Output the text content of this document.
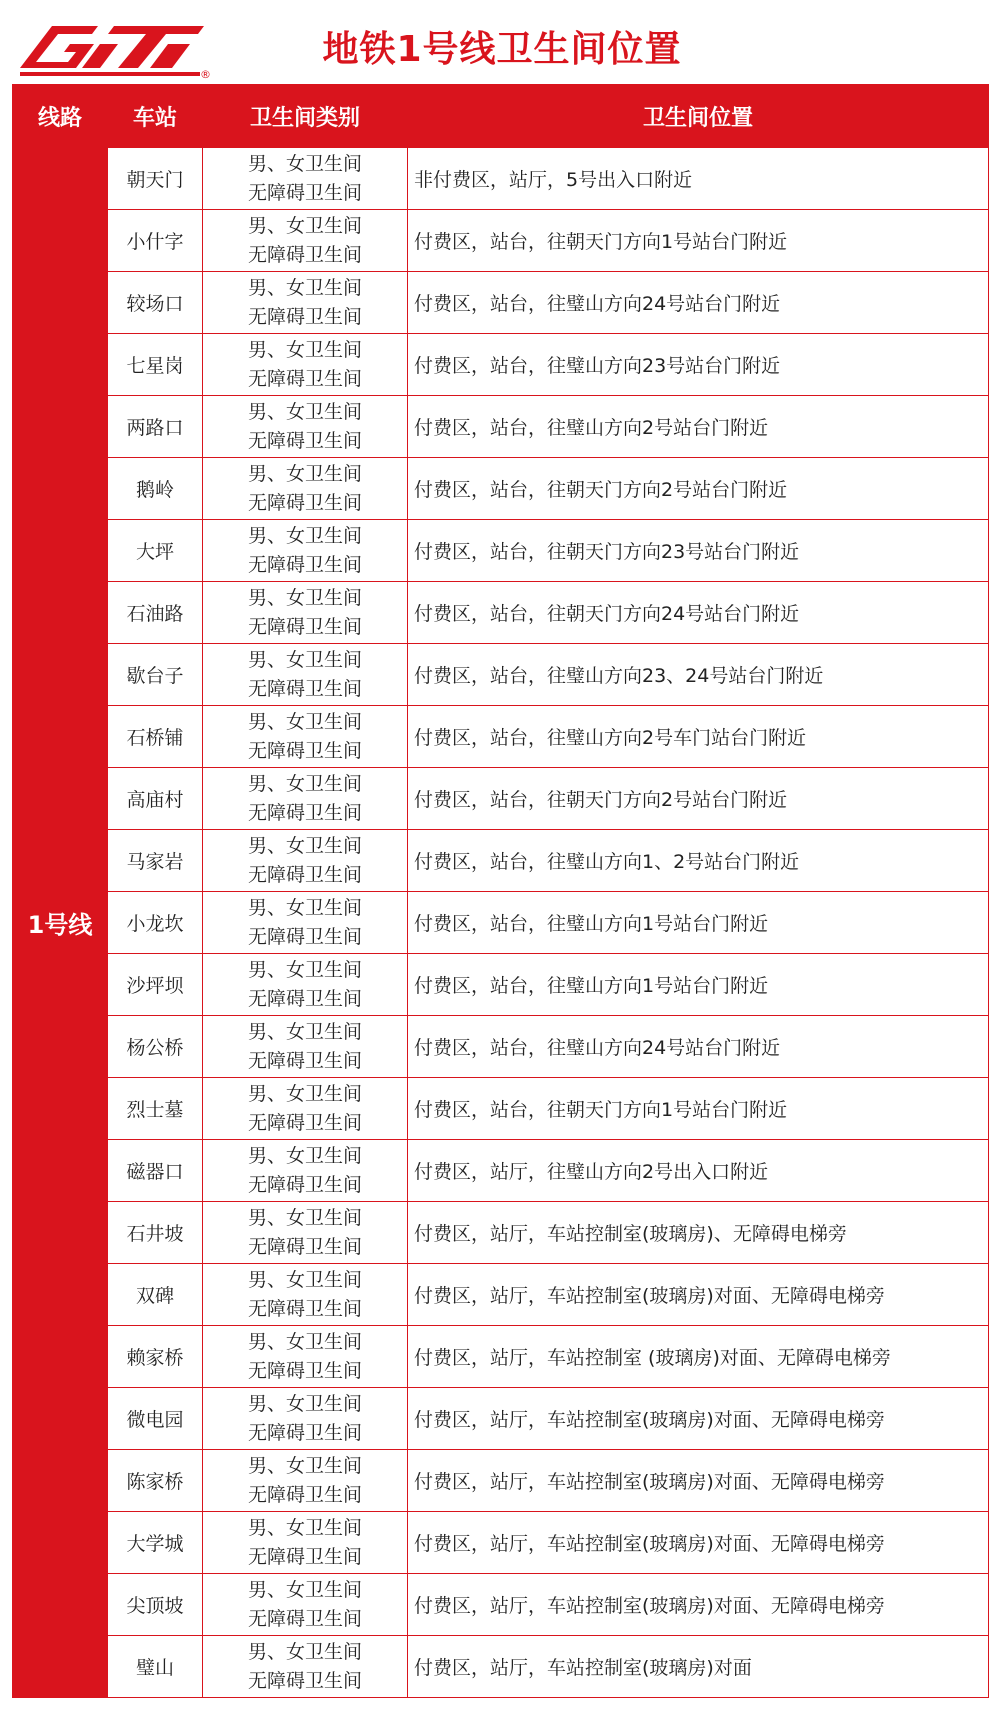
®
地铁1号线卫生间位置
线路	车站	卫生间类别	卫生间位置
1号线	朝天门	男、女卫生间
无障碍卫生间	非付费区，站厅，5号出入口附近
	小什字	男、女卫生间
无障碍卫生间	付费区，站台，往朝天门方向1号站台门附近
	较场口	男、女卫生间
无障碍卫生间	付费区，站台，往璧山方向24号站台门附近
	七星岗	男、女卫生间
无障碍卫生间	付费区，站台，往璧山方向23号站台门附近
	两路口	男、女卫生间
无障碍卫生间	付费区，站台，往璧山方向2号站台门附近
	鹅岭	男、女卫生间
无障碍卫生间	付费区，站台，往朝天门方向2号站台门附近
	大坪	男、女卫生间
无障碍卫生间	付费区，站台，往朝天门方向23号站台门附近
	石油路	男、女卫生间
无障碍卫生间	付费区，站台，往朝天门方向24号站台门附近
	歇台子	男、女卫生间
无障碍卫生间	付费区，站台，往璧山方向23、24号站台门附近
	石桥铺	男、女卫生间
无障碍卫生间	付费区，站台，往璧山方向2号车门站台门附近
	高庙村	男、女卫生间
无障碍卫生间	付费区，站台，往朝天门方向2号站台门附近
	马家岩	男、女卫生间
无障碍卫生间	付费区，站台，往璧山方向1、2号站台门附近
	小龙坎	男、女卫生间
无障碍卫生间	付费区，站台，往璧山方向1号站台门附近
	沙坪坝	男、女卫生间
无障碍卫生间	付费区，站台，往璧山方向1号站台门附近
	杨公桥	男、女卫生间
无障碍卫生间	付费区，站台，往璧山方向24号站台门附近
	烈士墓	男、女卫生间
无障碍卫生间	付费区，站台，往朝天门方向1号站台门附近
	磁器口	男、女卫生间
无障碍卫生间	付费区，站厅，往璧山方向2号出入口附近
	石井坡	男、女卫生间
无障碍卫生间	付费区，站厅，车站控制室(玻璃房)、无障碍电梯旁
	双碑	男、女卫生间
无障碍卫生间	付费区，站厅，车站控制室(玻璃房)对面、无障碍电梯旁
	赖家桥	男、女卫生间
无障碍卫生间	付费区，站厅，车站控制室 (玻璃房)对面、无障碍电梯旁
	微电园	男、女卫生间
无障碍卫生间	付费区，站厅，车站控制室(玻璃房)对面、无障碍电梯旁
	陈家桥	男、女卫生间
无障碍卫生间	付费区，站厅，车站控制室(玻璃房)对面、无障碍电梯旁
	大学城	男、女卫生间
无障碍卫生间	付费区，站厅，车站控制室(玻璃房)对面、无障碍电梯旁
	尖顶坡	男、女卫生间
无障碍卫生间	付费区，站厅，车站控制室(玻璃房)对面、无障碍电梯旁
	璧山	男、女卫生间
无障碍卫生间	付费区，站厅，车站控制室(玻璃房)对面
